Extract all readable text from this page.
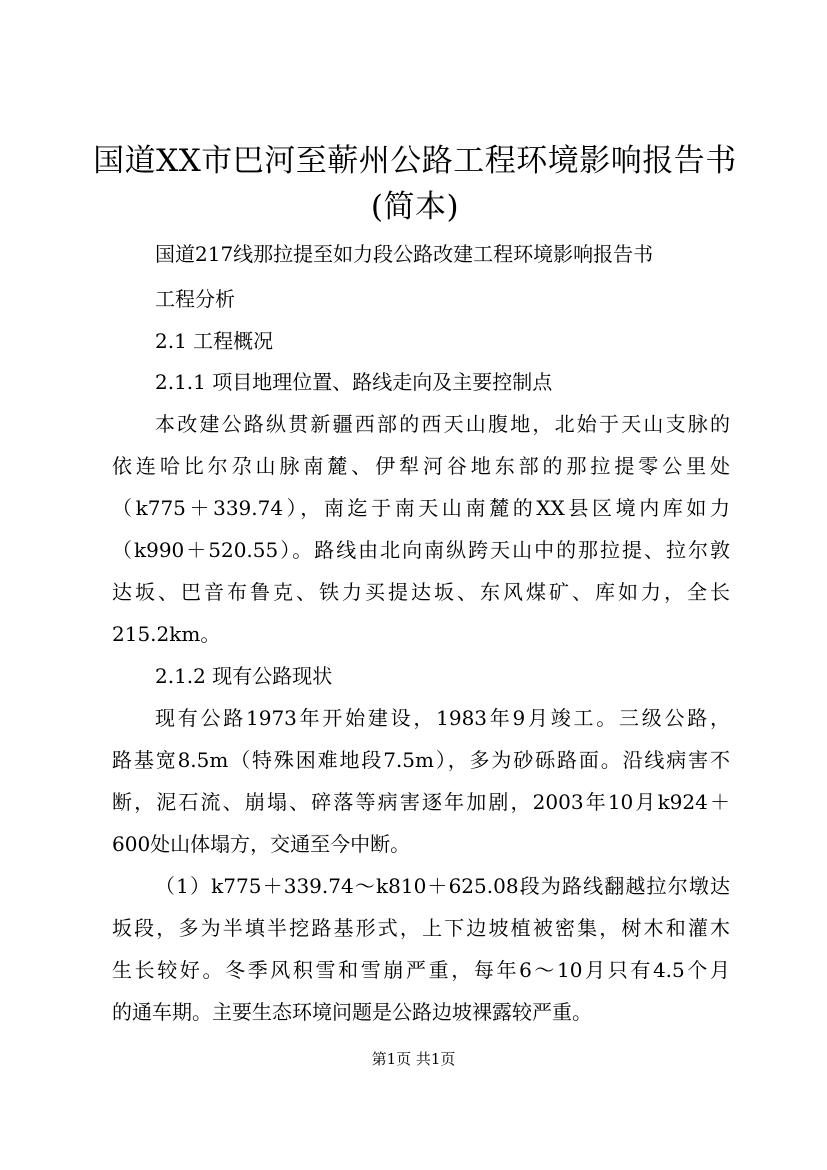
国道XX市巴河至蕲州公路工程环境影响报告书(简本)
国道217线那拉提至如力段公路改建工程环境影响报告书
工程分析
2.1 工程概况
2.1.1 项目地理位置、路线走向及主要控制点
本改建公路纵贯新疆西部的西天山腹地，北始于天山支脉的
依连哈比尔尕山脉南麓、伊犁河谷地东部的那拉提零公里处
（k775＋339.74），南迄于南天山南麓的XX县区境内库如力
（k990＋520.55）。路线由北向南纵跨天山中的那拉提、拉尔敦
达坂、巴音布鲁克、铁力买提达坂、东风煤矿、库如力，全长
215.2km。
2.1.2 现有公路现状
现有公路1973年开始建设，1983年9月竣工。三级公路，
路基宽8.5m（特殊困难地段7.5m），多为砂砾路面。沿线病害不
断，泥石流、崩塌、碎落等病害逐年加剧，2003年10月k924＋
600处山体塌方，交通至今中断。
（1）k775＋339.74～k810＋625.08段为路线翻越拉尔墩达
坂段，多为半填半挖路基形式，上下边坡植被密集，树木和灌木
生长较好。冬季风积雪和雪崩严重，每年6～10月只有4.5个月
的通车期。主要生态环境问题是公路边坡裸露较严重。
第1页 共1页
